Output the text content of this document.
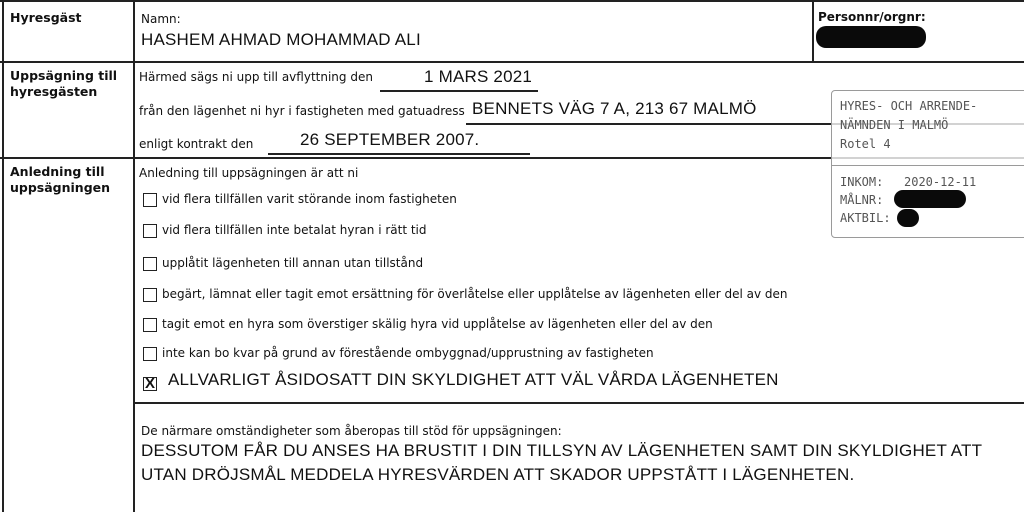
Hyresgäst	Namn:
HASHEM AHMAD MOHAMMAD ALI
Personnr/orgnr:
Uppsägning till hyresgästen
Härmed sägs ni upp till avflyttning den	1 MARS 2021
från den lägenhet ni hyr i fastigheten med gatuadress BENNETS VÄG 7 A, 213 67 MALMÖ
enligt kontrakt den	26 SEPTEMBER 2007.
Anledning till uppsägningen
Anledning till uppsägningen är att ni
vid flera tillfällen varit störande inom fastigheten
vid flera tillfällen inte betalat hyran i rätt tid
upplåtit lägenheten till annan utan tillstånd
begärt, lämnat eller tagit emot ersättning för överlåtelse eller upplåtelse av lägenheten eller del av den
tagit emot en hyra som överstiger skälig hyra vid upplåtelse av lägenheten eller del av den
inte kan bo kvar på grund av förestående ombyggnad/upprustning av fastigheten
X ALLVARLIGT ÅSIDOSATT DIN SKYLDIGHET ATT VÄL VÅRDA LÄGENHETEN
De närmare omständigheter som åberopas till stöd för uppsägningen:
DESSUTOM FÅR DU ANSES HA BRUSTIT I DIN TILLSYN AV LÄGENHETEN SAMT DIN SKYLDIGHET ATT
UTAN DRÖJSMÅL MEDDELA HYRESVÄRDEN ATT SKADOR UPPSTÅTT I LÄGENHETEN.
HYRES- OCH ARRENDE-
NÄMNDEN I MALMÖ
Rotel 4
INKOM: 2020-12-11
MÅLNR:
AKTBIL:
